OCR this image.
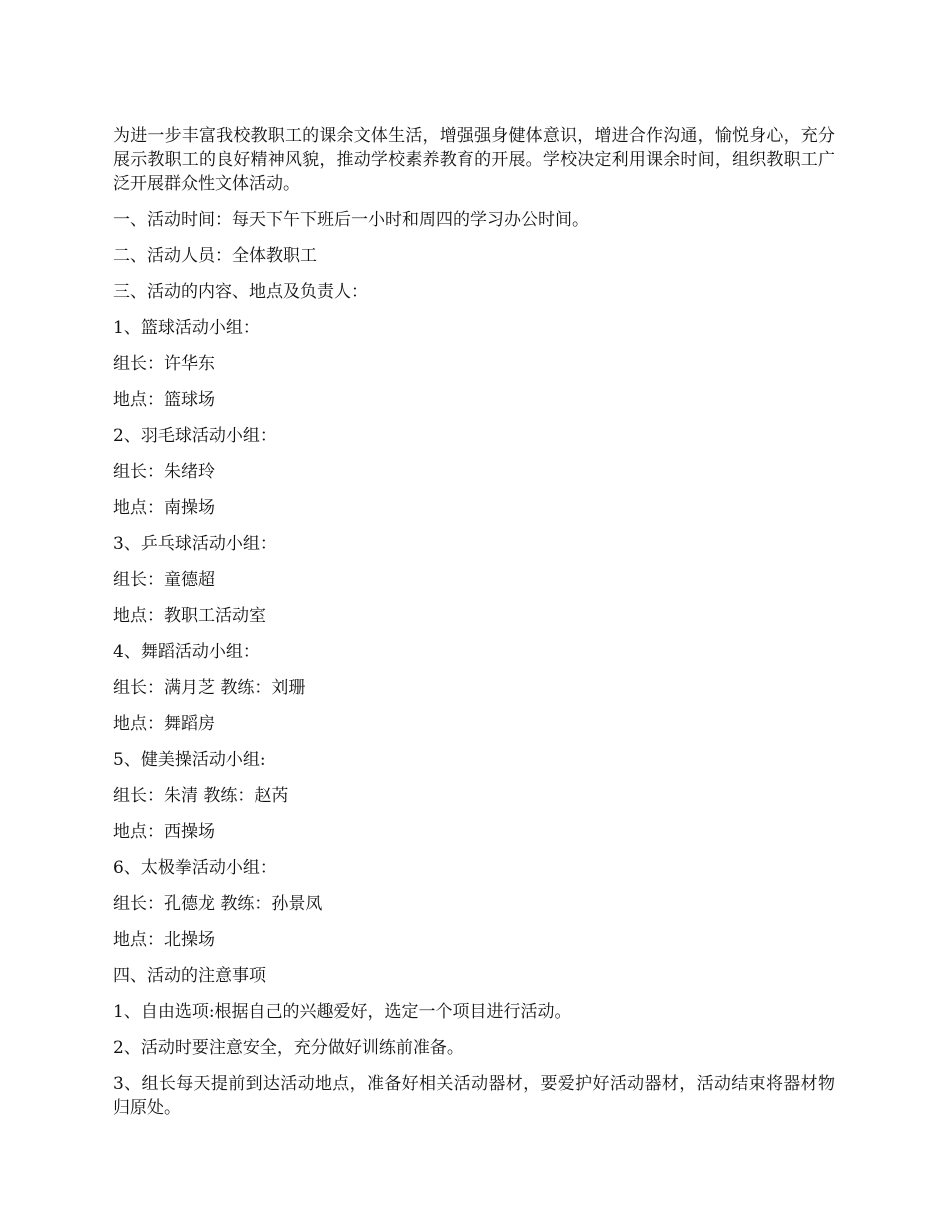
为进一步丰富我校教职工的课余文体生活，增强强身健体意识，增进合作沟通，愉悦身心，充分展示教职工的良好精神风貌，推动学校素养教育的开展。学校决定利用课余时间，组织教职工广泛开展群众性文体活动。

一、活动时间：每天下午下班后一小时和周四的学习办公时间。

二、活动人员：全体教职工

三、活动的内容、地点及负责人：

1、篮球活动小组：

组长：许华东

地点：篮球场

2、羽毛球活动小组：

组长：朱绪玲

地点：南操场

3、乒乓球活动小组：

组长：童德超

地点：教职工活动室

4、舞蹈活动小组：

组长：满月芝 教练：刘珊

地点：舞蹈房

5、健美操活动小组:

组长：朱清 教练：赵芮

地点：西操场

6、太极拳活动小组：

组长：孔德龙 教练：孙景凤

地点：北操场

四、活动的注意事项

1、自由选项:根据自己的兴趣爱好，选定一个项目进行活动。

2、活动时要注意安全，充分做好训练前准备。

3、组长每天提前到达活动地点，准备好相关活动器材，要爱护好活动器材，活动结束将器材物归原处。
